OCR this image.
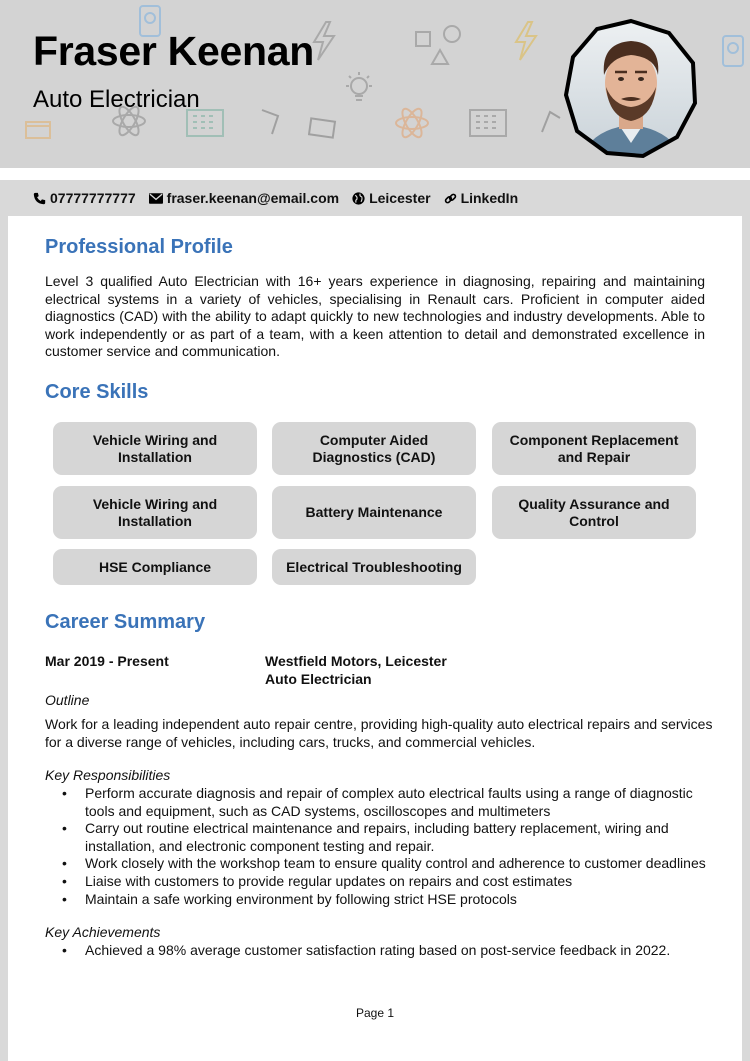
Fraser Keenan
Auto Electrician
07777777777 fraser.keenan@email.com Leicester LinkedIn
Professional Profile
Level 3 qualified Auto Electrician with 16+ years experience in diagnosing, repairing and maintaining electrical systems in a variety of vehicles, specialising in Renault cars. Proficient in computer aided diagnostics (CAD) with the ability to adapt quickly to new technologies and industry developments. Able to work independently or as part of a team, with a keen attention to detail and demonstrated excellence in customer service and communication.
Core Skills
Vehicle Wiring and Installation
Computer Aided Diagnostics (CAD)
Component Replacement and Repair
Vehicle Wiring and Installation
Battery Maintenance
Quality Assurance and Control
HSE Compliance	Electrical Troubleshooting
Career Summary
Mar 2019 - Present	Westfield Motors, Leicester
Auto Electrician
Outline
Work for a leading independent auto repair centre, providing high-quality auto electrical repairs and services for a diverse range of vehicles, including cars, trucks, and commercial vehicles.
Key Responsibilities
• Perform accurate diagnosis and repair of complex auto electrical faults using a range of diagnostic tools and equipment, such as CAD systems, oscilloscopes and multimeters
• Carry out routine electrical maintenance and repairs, including battery replacement, wiring and installation, and electronic component testing and repair.
• Work closely with the workshop team to ensure quality control and adherence to customer deadlines
• Liaise with customers to provide regular updates on repairs and cost estimates
• Maintain a safe working environment by following strict HSE protocols
Key Achievements
• Achieved a 98% average customer satisfaction rating based on post-service feedback in 2022.
Page 1
